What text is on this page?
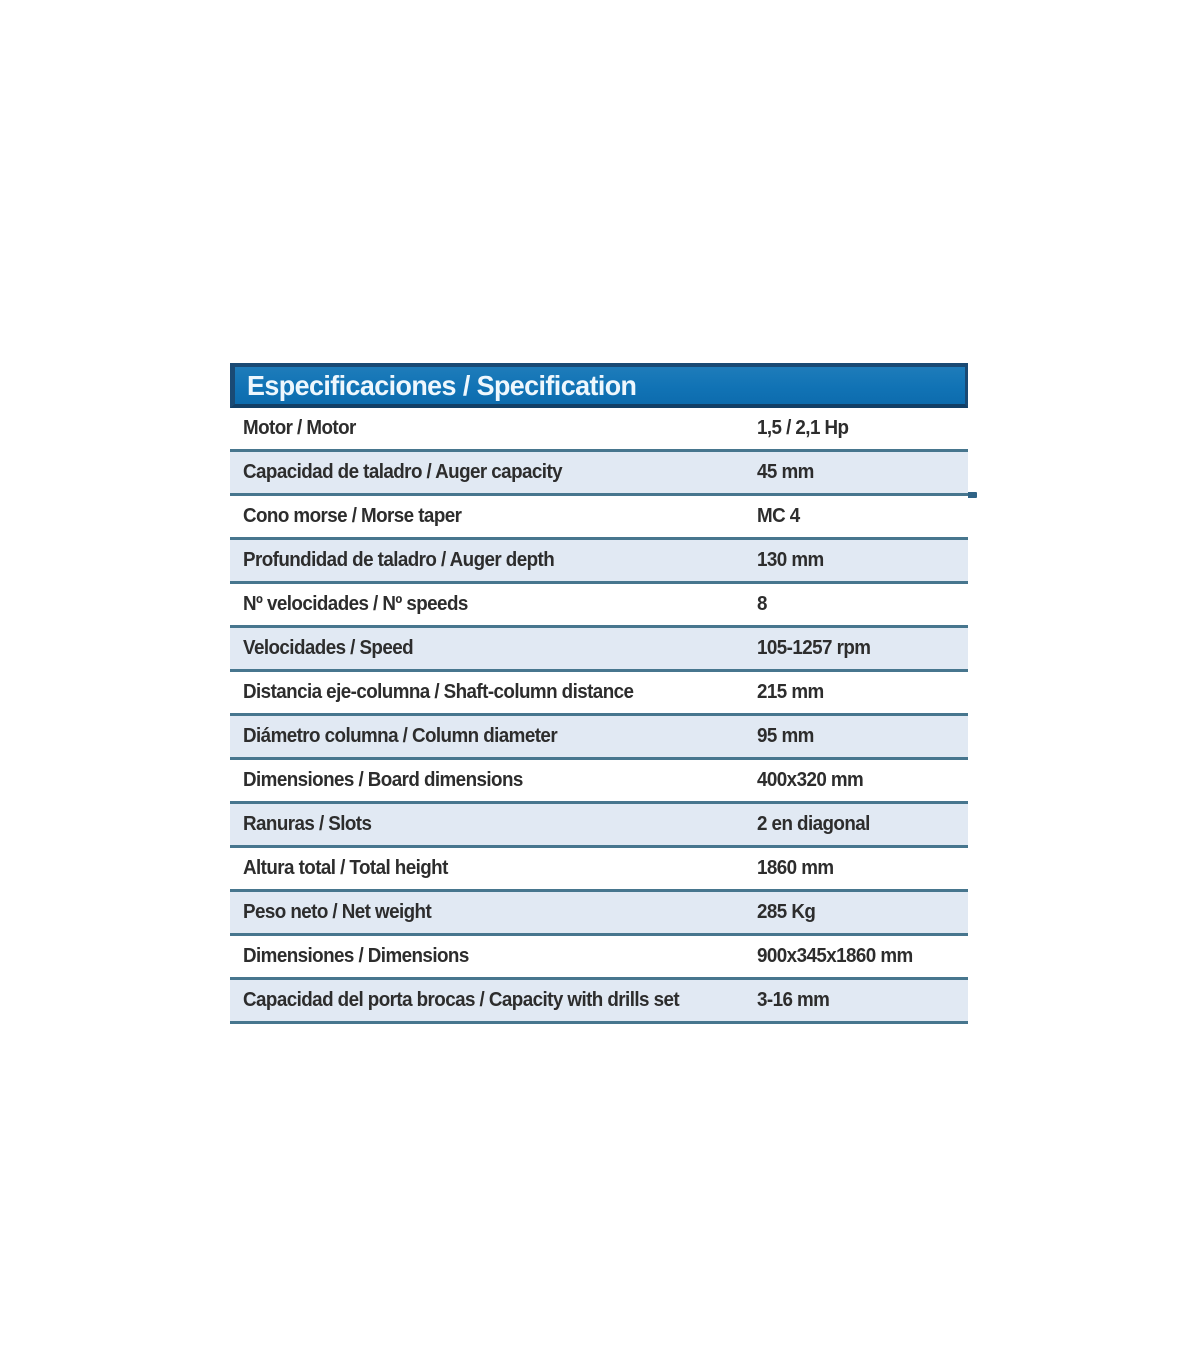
Especificaciones / Specification
Motor / Motor	1,5 / 2,1 Hp
Capacidad de taladro / Auger capacity	45 mm
Cono morse / Morse taper	MC 4
Profundidad de taladro / Auger depth	130 mm
Nº velocidades / Nº speeds	8
Velocidades / Speed	105-1257 rpm
Distancia eje-columna / Shaft-column distance	215 mm
Diámetro columna / Column diameter	95 mm
Dimensiones / Board dimensions	400x320 mm
Ranuras / Slots	2 en diagonal
Altura total / Total height	1860 mm
Peso neto / Net weight	285 Kg
Dimensiones / Dimensions	900x345x1860 mm
Capacidad del porta brocas / Capacity with drills set	3-16 mm
